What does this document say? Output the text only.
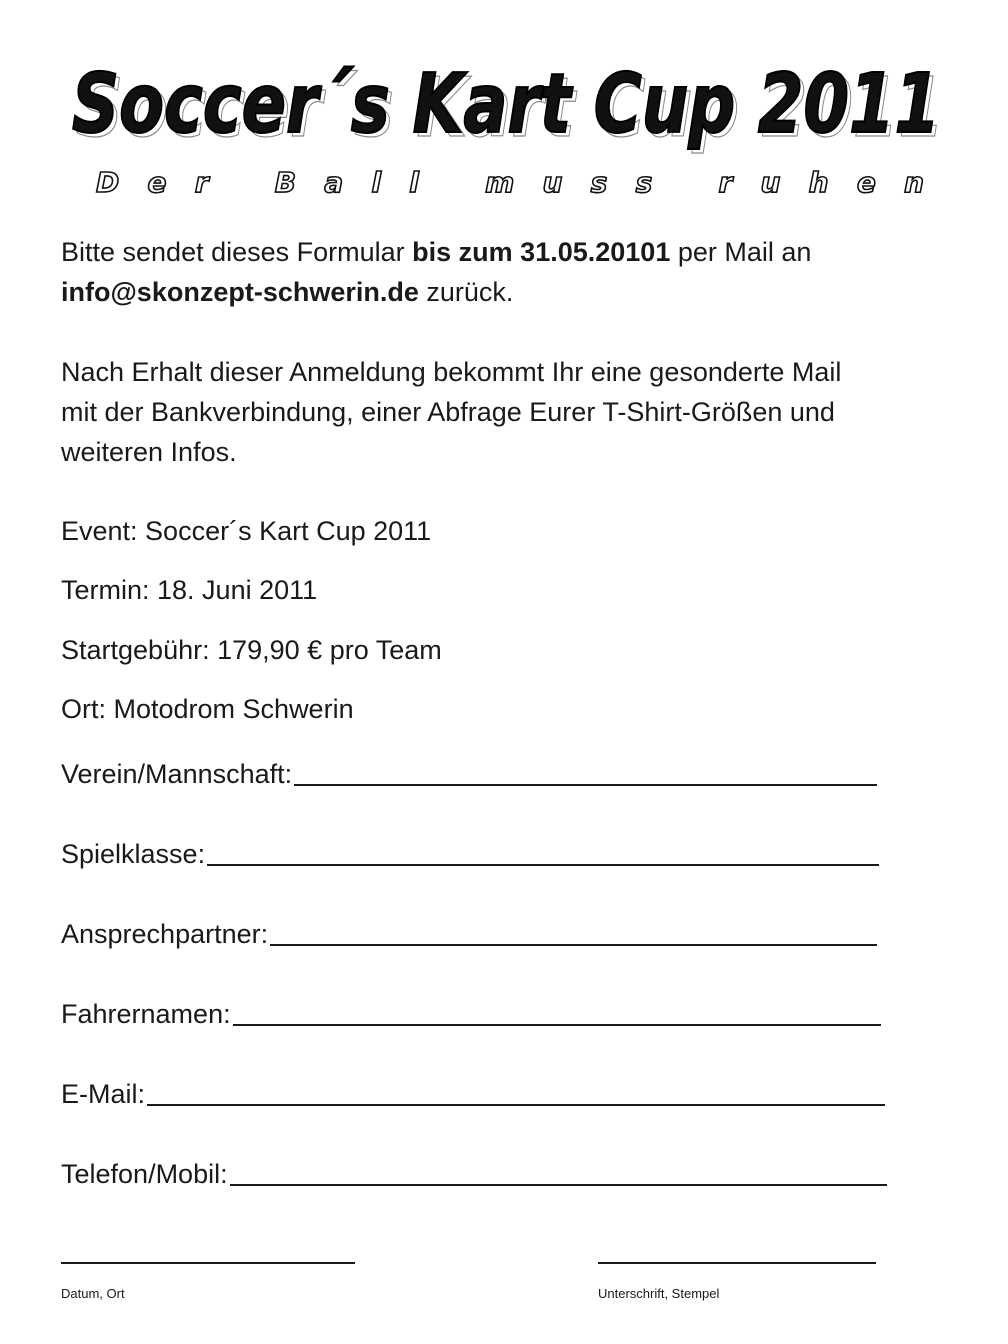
Soccer´s Kart Cup 2011
Soccer´s Kart Cup 2011
Der Ball muss ruhen
Bitte sendet dieses Formular bis zum 31.05.20101 per Mail an
info@skonzept-schwerin.de zurück.
Nach Erhalt dieser Anmeldung bekommt Ihr eine gesonderte Mail
mit der Bankverbindung, einer Abfrage Eurer T-Shirt-Größen und
weiteren Infos.
Event: Soccer´s Kart Cup 2011
Termin: 18. Juni 2011
Startgebühr: 179,90 € pro Team
Ort: Motodrom Schwerin
Verein/Mannschaft:
Spielklasse:
Ansprechpartner:
Fahrernamen:
E-Mail:
Telefon/Mobil:
Datum, Ort	Unterschrift, Stempel
